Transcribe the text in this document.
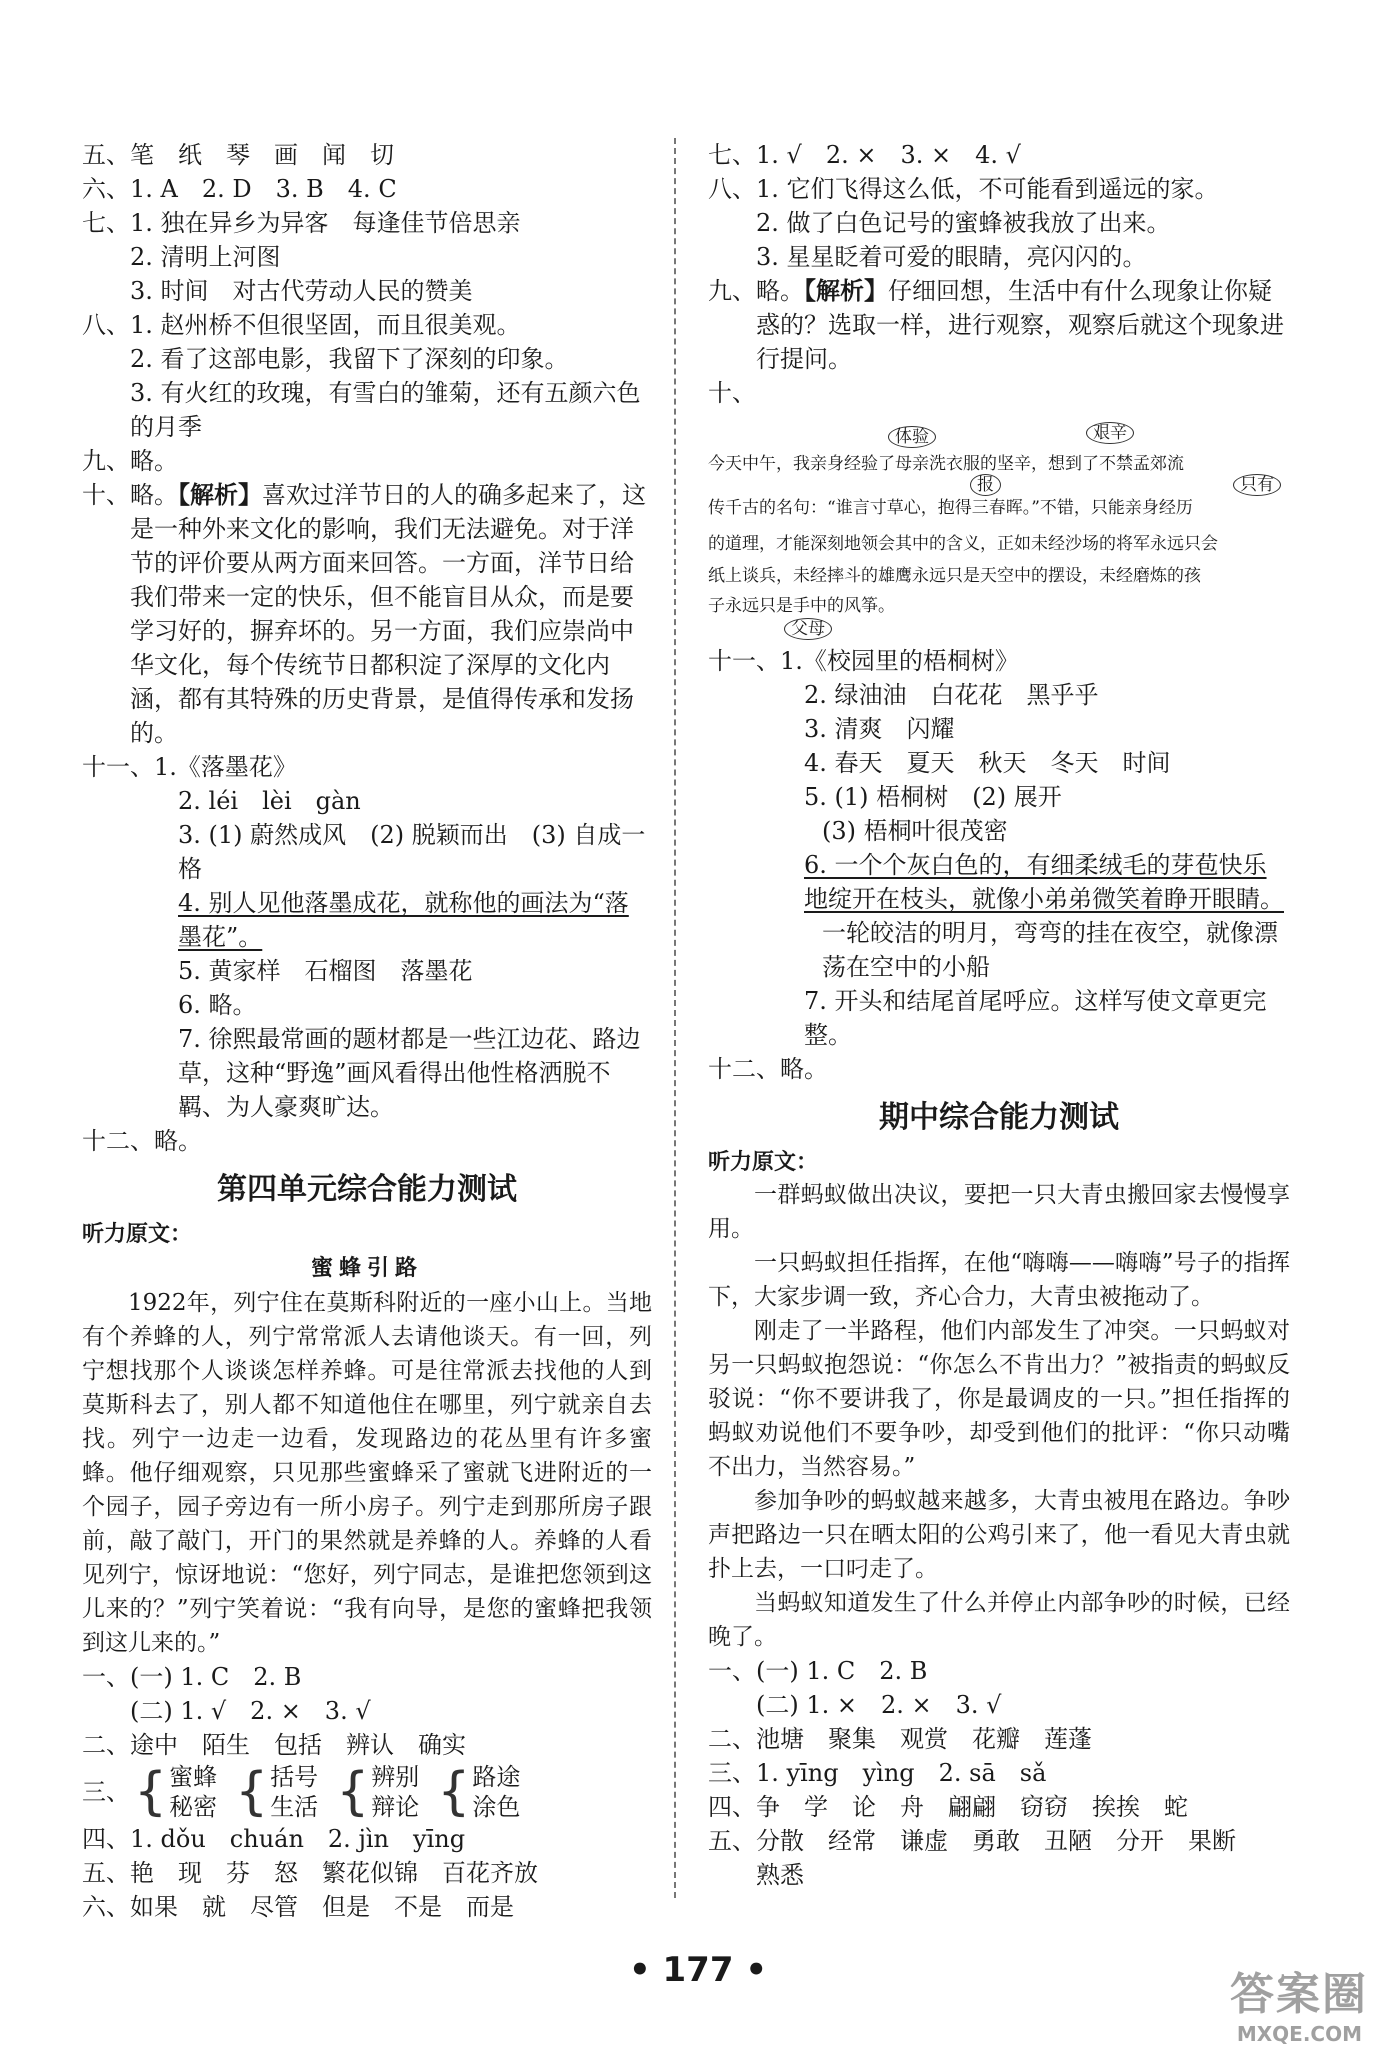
五、笔　纸　琴　画　闻　切
六、1. A　2. D　3. B　4. C
七、1. 独在异乡为异客　每逢佳节倍思亲
2. 清明上河图
3. 时间　对古代劳动人民的赞美
八、1. 赵州桥不但很坚固，而且很美观。
2. 看了这部电影，我留下了深刻的印象。
3. 有火红的玫瑰，有雪白的雏菊，还有五颜六色的月季
九、略。
十、略。【解析】喜欢过洋节日的人的确多起来了，这是一种外来文化的影响，我们无法避免。对于洋节的评价要从两方面来回答。一方面，洋节日给我们带来一定的快乐，但不能盲目从众，而是要学习好的，摒弃坏的。另一方面，我们应崇尚中华文化，每个传统节日都积淀了深厚的文化内涵，都有其特殊的历史背景，是值得传承和发扬的。
十一、1.《落墨花》
2. léi　lèi　gàn
3. (1) 蔚然成风　(2) 脱颖而出　(3) 自成一格
4. 别人见他落墨成花，就称他的画法为“落墨花”。
5. 黄家样　石榴图　落墨花
6. 略。
7. 徐熙最常画的题材都是一些江边花、路边草，这种“野逸”画风看得出他性格洒脱不羁、为人豪爽旷达。
十二、略。
第四单元综合能力测试
听力原文：
蜜蜂引路
1922年，列宁住在莫斯科附近的一座小山上。当地有个养蜂的人，列宁常常派人去请他谈天。有一回，列宁想找那个人谈谈怎样养蜂。可是往常派去找他的人到莫斯科去了，别人都不知道他住在哪里，列宁就亲自去找。列宁一边走一边看，发现路边的花丛里有许多蜜蜂。他仔细观察，只见那些蜜蜂采了蜜就飞进附近的一个园子，园子旁边有一所小房子。列宁走到那所房子跟前，敲了敲门，开门的果然就是养蜂的人。养蜂的人看见列宁，惊讶地说：“您好，列宁同志，是谁把您领到这儿来的？”列宁笑着说：“我有向导，是您的蜜蜂把我领到这儿来的。”
一、(一) 1. C　2. B
(二) 1. √　2. ×　3. √
二、途中　陌生　包括　辨认　确实
三、 { 蜜蜂
秘密 { 括号
生活 { 辨别
辩论 { 路途
涂色
四、1. dǒu　chuán　2. jìn　yīng
五、艳　现　芬　怒　繁花似锦　百花齐放
六、如果　就　尽管　但是　不是　而是
七、1. √　2. ×　3. ×　4. √
八、1. 它们飞得这么低，不可能看到遥远的家。
2. 做了白色记号的蜜蜂被我放了出来。
3. 星星眨着可爱的眼睛，亮闪闪的。
九、略。【解析】仔细回想，生活中有什么现象让你疑惑的？选取一样，进行观察，观察后就这个现象进行提问。
十、
体验	艰辛
报	只有
今天中午，我亲身经验了母亲洗衣服的坚辛，想到了不禁孟郊流
传千古的名句：“谁言寸草心，抱得三春晖。”不错，只能亲身经历
的道理，才能深刻地领会其中的含义，正如未经沙场的将军永远只会
纸上谈兵，未经摔斗的雄鹰永远只是天空中的摆设，未经磨炼的孩
子永远只是手中的风筝。
父母
十一、1.《校园里的梧桐树》
2. 绿油油　白花花　黑乎乎
3. 清爽　闪耀
4. 春天　夏天　秋天　冬天　时间
5. (1) 梧桐树　(2) 展开
(3) 梧桐叶很茂密
6. 一个个灰白色的，有细柔绒毛的芽苞快乐地绽开在枝头，就像小弟弟微笑着睁开眼睛。
一轮皎洁的明月，弯弯的挂在夜空，就像漂荡在空中的小船
7. 开头和结尾首尾呼应。这样写使文章更完整。
十二、略。
期中综合能力测试
听力原文：
一群蚂蚁做出决议，要把一只大青虫搬回家去慢慢享用。
一只蚂蚁担任指挥，在他“嗨嗨——嗨嗨”号子的指挥下，大家步调一致，齐心合力，大青虫被拖动了。
刚走了一半路程，他们内部发生了冲突。一只蚂蚁对另一只蚂蚁抱怨说：“你怎么不肯出力？”被指责的蚂蚁反驳说：“你不要讲我了，你是最调皮的一只。”担任指挥的蚂蚁劝说他们不要争吵，却受到他们的批评：“你只动嘴不出力，当然容易。”
参加争吵的蚂蚁越来越多，大青虫被甩在路边。争吵声把路边一只在晒太阳的公鸡引来了，他一看见大青虫就扑上去，一口叼走了。
当蚂蚁知道发生了什么并停止内部争吵的时候，已经晚了。
一、(一) 1. C　2. B
(二) 1. ×　2. ×　3. √
二、池塘　聚集　观赏　花瓣　莲蓬
三、1. yīng　yìng　2. sā　sǎ
四、争　学　论　舟　翩翩　窃窃　挨挨　蛇
五、分散　经常　谦虚　勇敢　丑陋　分开　果断
熟悉
• 177 •	答案圈
MXQE.COM
